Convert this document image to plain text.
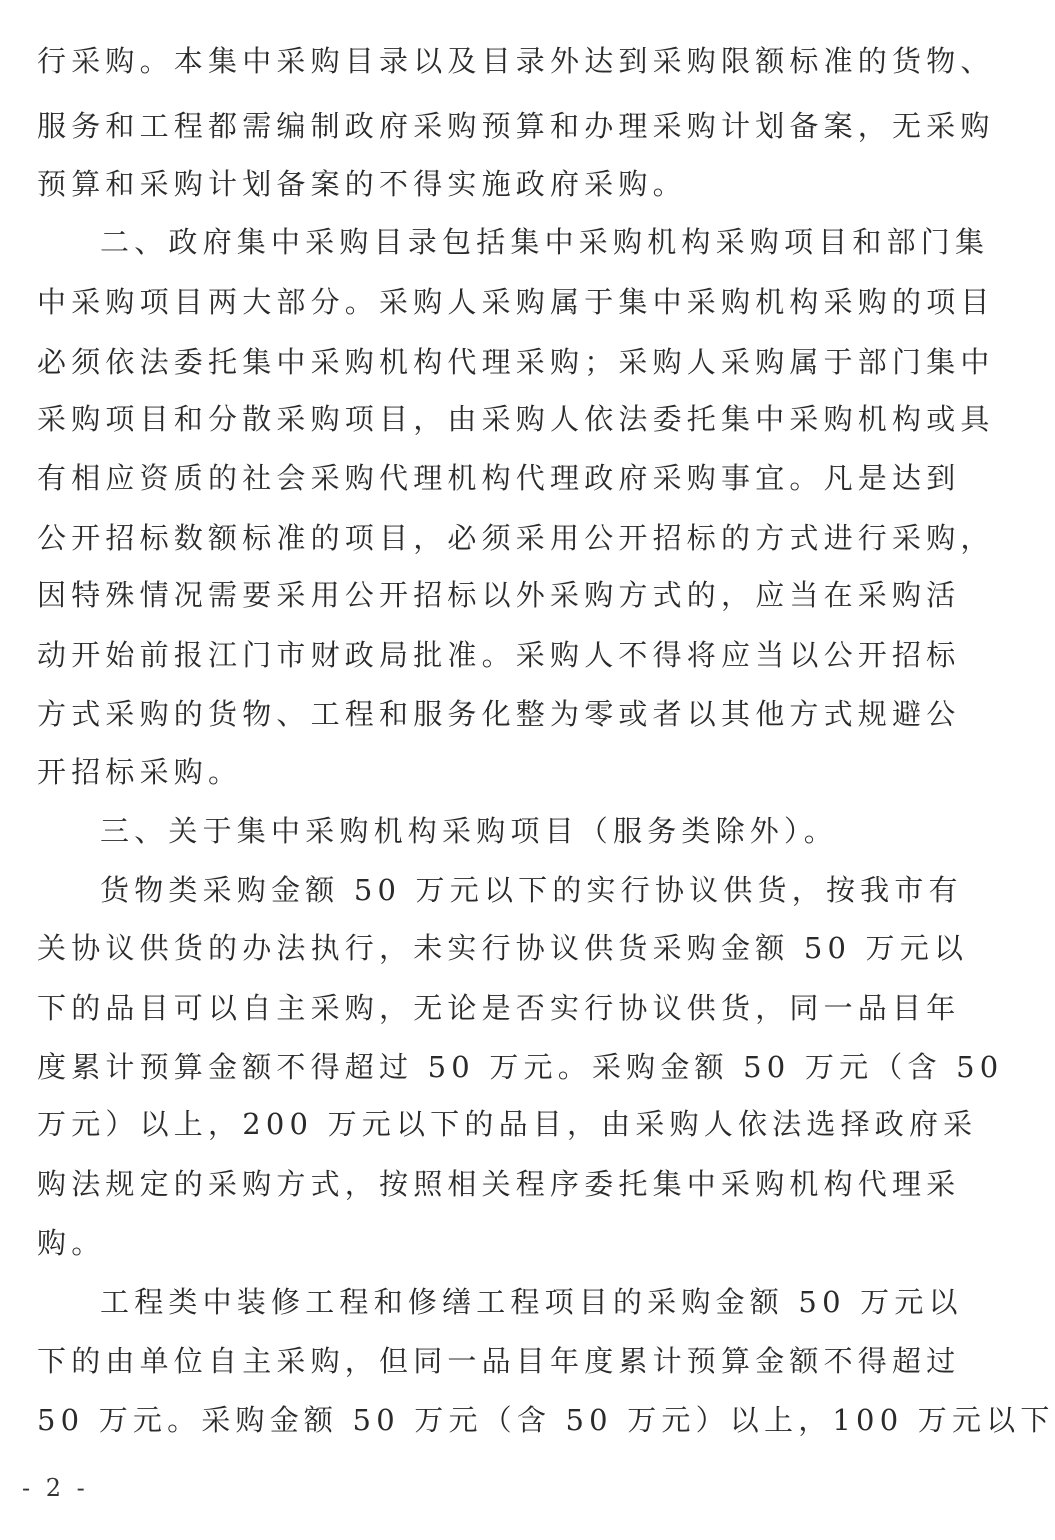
行采购。本集中采购目录以及目录外达到采购限额标准的货物、
服务和工程都需编制政府采购预算和办理采购计划备案，无采购
预算和采购计划备案的不得实施政府采购。
二、政府集中采购目录包括集中采购机构采购项目和部门集
中采购项目两大部分。采购人采购属于集中采购机构采购的项目
必须依法委托集中采购机构代理采购；采购人采购属于部门集中
采购项目和分散采购项目，由采购人依法委托集中采购机构或具
有相应资质的社会采购代理机构代理政府采购事宜。凡是达到
公开招标数额标准的项目，必须采用公开招标的方式进行采购，
因特殊情况需要采用公开招标以外采购方式的，应当在采购活
动开始前报江门市财政局批准。采购人不得将应当以公开招标
方式采购的货物、工程和服务化整为零或者以其他方式规避公
开招标采购。
三、关于集中采购机构采购项目（服务类除外）。
货物类采购金额 50 万元以下的实行协议供货，按我市有
关协议供货的办法执行，未实行协议供货采购金额 50 万元以
下的品目可以自主采购，无论是否实行协议供货，同一品目年
度累计预算金额不得超过 50 万元。采购金额 50 万元（含 50
万元）以上，200 万元以下的品目，由采购人依法选择政府采
购法规定的采购方式，按照相关程序委托集中采购机构代理采
购。
工程类中装修工程和修缮工程项目的采购金额 50 万元以
下的由单位自主采购，但同一品目年度累计预算金额不得超过
50 万元。采购金额 50 万元（含 50 万元）以上，100 万元以下
- 2 -
